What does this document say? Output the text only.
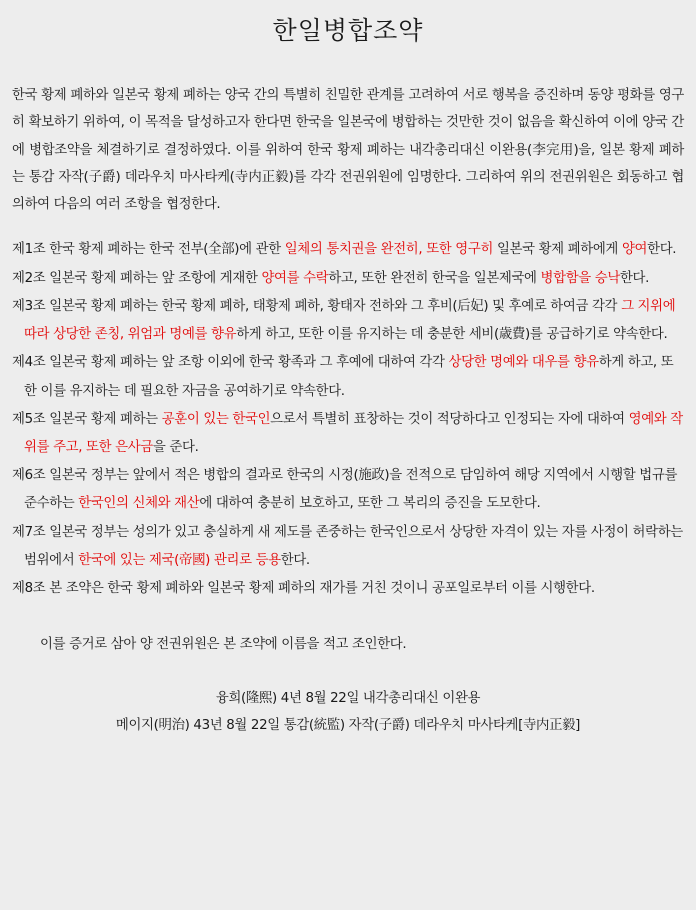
한일병합조약

한국 황제 폐하와 일본국 황제 폐하는 양국 간의 특별히 친밀한 관계를 고려하여 서로 행복을 증진하며 동양 평화를 영구히 확보하기 위하여, 이 목적을 달성하고자 한다면 한국을 일본국에 병합하는 것만한 것이 없음을 확신하여 이에 양국 간에 병합조약을 체결하기로 결정하였다. 이를 위하여 한국 황제 폐하는 내각총리대신 이완용(李完用)을, 일본 황제 폐하는 통감 자작(子爵) 데라우치 마사타케(寺内正毅)를 각각 전권위원에 임명한다. 그리하여 위의 전권위원은 회동하고 협의하여 다음의 여러 조항을 협정한다.

제1조 한국 황제 폐하는 한국 전부(全部)에 관한 일체의 통치권을 완전히, 또한 영구히 일본국 황제 폐하에게 양여한다.

제2조 일본국 황제 폐하는 앞 조항에 게재한 양여를 수락하고, 또한 완전히 한국을 일본제국에 병합함을 승낙한다.

제3조 일본국 황제 폐하는 한국 황제 폐하, 태황제 폐하, 황태자 전하와 그 후비(后妃) 및 후예로 하여금 각각 그 지위에 따라 상당한 존칭, 위엄과 명예를 향유하게 하고, 또한 이를 유지하는 데 충분한 세비(歳費)를 공급하기로 약속한다.

제4조 일본국 황제 폐하는 앞 조항 이외에 한국 황족과 그 후예에 대하여 각각 상당한 명예와 대우를 향유하게 하고, 또한 이를 유지하는 데 필요한 자금을 공여하기로 약속한다.

제5조 일본국 황제 폐하는 공훈이 있는 한국인으로서 특별히 표창하는 것이 적당하다고 인정되는 자에 대하여 영예와 작위를 주고, 또한 은사금을 준다.

제6조 일본국 정부는 앞에서 적은 병합의 결과로 한국의 시정(施政)을 전적으로 담임하여 해당 지역에서 시행할 법규를 준수하는 한국인의 신체와 재산에 대하여 충분히 보호하고, 또한 그 복리의 증진을 도모한다.

제7조 일본국 정부는 성의가 있고 충실하게 새 제도를 존중하는 한국인으로서 상당한 자격이 있는 자를 사정이 허락하는 범위에서 한국에 있는 제국(帝國) 관리로 등용한다.

제8조 본 조약은 한국 황제 폐하와 일본국 황제 폐하의 재가를 거친 것이니 공포일로부터 이를 시행한다.

이를 증거로 삼아 양 전권위원은 본 조약에 이름을 적고 조인한다.

융희(隆熙) 4년 8월 22일 내각총리대신 이완용

메이지(明治) 43년 8월 22일 통감(統監) 자작(子爵) 데라우치 마사타케[寺内正毅]
